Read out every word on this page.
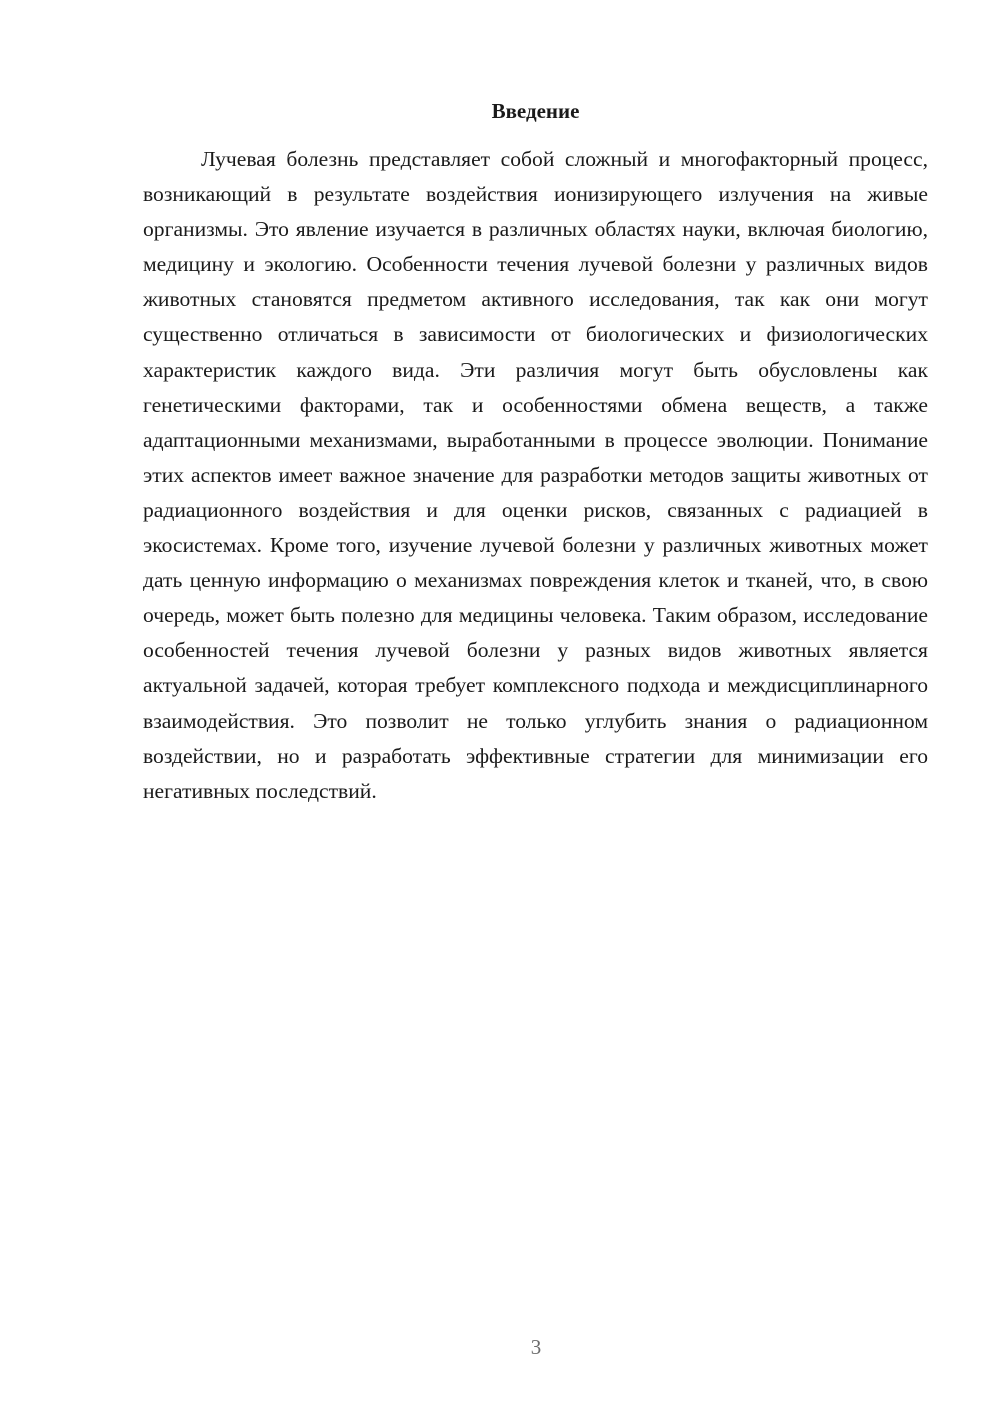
Введение

Лучевая болезнь представляет собой сложный и многофакторный процесс, возникающий в результате воздействия ионизирующего излучения на живые организмы. Это явление изучается в различных областях науки, включая биологию, медицину и экологию. Особенности течения лучевой болезни у различных видов животных становятся предметом активного исследования, так как они могут существенно отличаться в зависимости от биологических и физиологических характеристик каждого вида. Эти различия могут быть обусловлены как генетическими факторами, так и особенностями обмена веществ, а также адаптационными механизмами, выработанными в процессе эволюции. Понимание этих аспектов имеет важное значение для разработки методов защиты животных от радиационного воздействия и для оценки рисков, связанных с радиацией в экосистемах. Кроме того, изучение лучевой болезни у различных животных может дать ценную информацию о механизмах повреждения клеток и тканей, что, в свою очередь, может быть полезно для медицины человека. Таким образом, исследование особенностей течения лучевой болезни у разных видов животных является актуальной задачей, которая требует комплексного подхода и междисциплинарного взаимодействия. Это позволит не только углубить знания о радиационном воздействии, но и разработать эффективные стратегии для минимизации его негативных последствий.

3
